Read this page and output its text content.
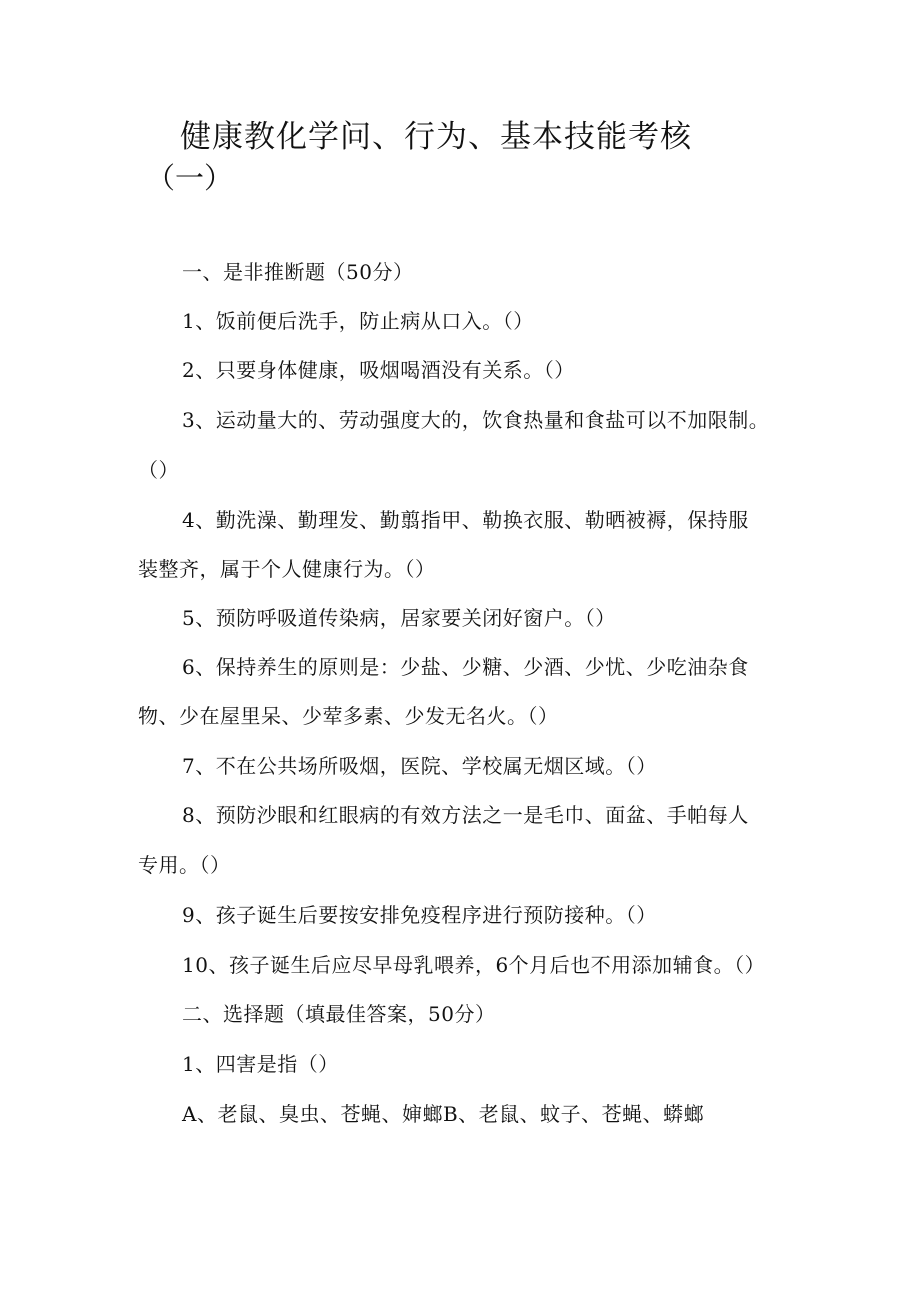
健康教化学问、行为、基本技能考核
（一）
一、是非推断题（50分）
1、饭前便后洗手，防止病从口入。（）
2、只要身体健康，吸烟喝酒没有关系。（）
3、运动量大的、劳动强度大的，饮食热量和食盐可以不加限制。
（）
4、勤洗澡、勤理发、勤翦指甲、勒换衣服、勒晒被褥，保持服
装整齐，属于个人健康行为。（）
5、预防呼吸道传染病，居家要关闭好窗户。（）
6、保持养生的原则是：少盐、少糖、少酒、少忧、少吃油杂食
物、少在屋里呆、少荤多素、少发无名火。（）
7、不在公共场所吸烟，医院、学校属无烟区域。（）
8、预防沙眼和红眼病的有效方法之一是毛巾、面盆、手帕每人
专用。（）
9、孩子诞生后要按安排免疫程序进行预防接种。（）
10、孩子诞生后应尽早母乳喂养，6个月后也不用添加辅食。（）
二、选择题（填最佳答案，50分）
1、四害是指（）
A、老鼠、臭虫、苍蝇、婶螂B、老鼠、蚊子、苍蝇、蟒螂
